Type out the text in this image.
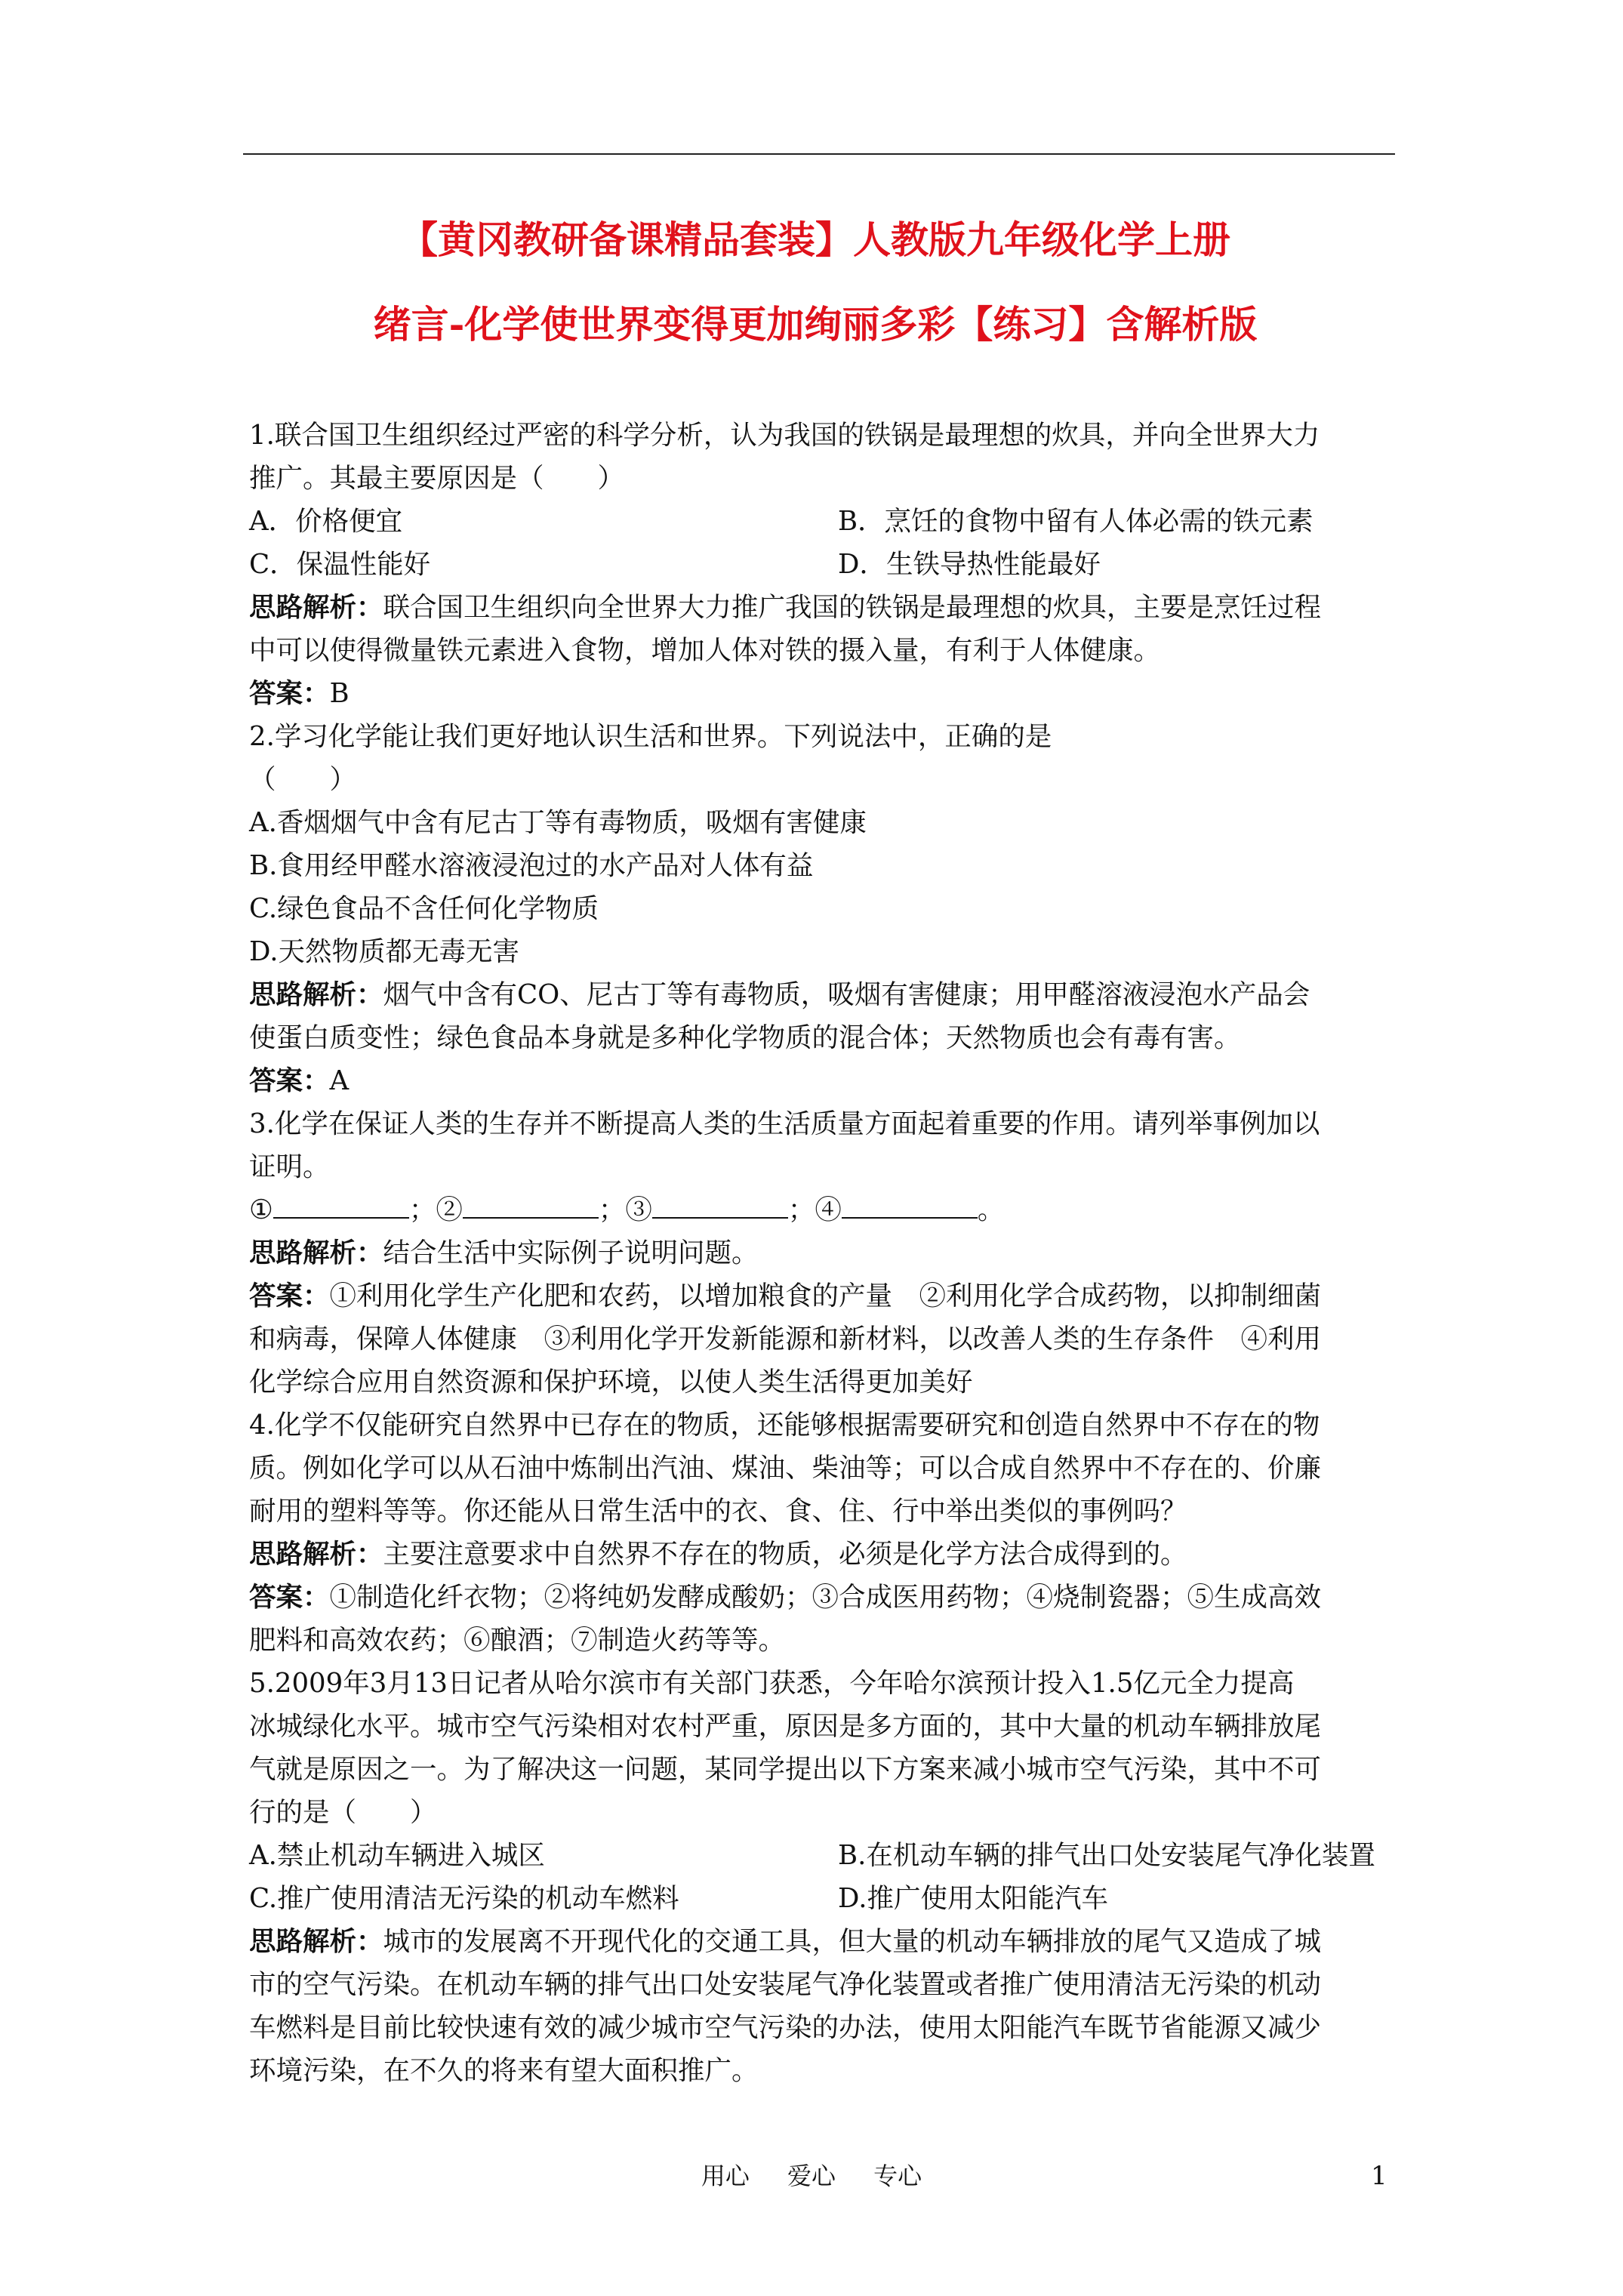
【黄冈教研备课精品套装】人教版九年级化学上册
绪言-化学使世界变得更加绚丽多彩【练习】含解析版
1.联合国卫生组织经过严密的科学分析，认为我国的铁锅是最理想的炊具，并向全世界大力
推广。其最主要原因是（　　）
A．价格便宜	B．烹饪的食物中留有人体必需的铁元素
C．保温性能好	D．生铁导热性能最好
思路解析：联合国卫生组织向全世界大力推广我国的铁锅是最理想的炊具，主要是烹饪过程
中可以使得微量铁元素进入食物，增加人体对铁的摄入量，有利于人体健康。
答案：B
2.学习化学能让我们更好地认识生活和世界。下列说法中，正确的是
（　　）
A.香烟烟气中含有尼古丁等有毒物质，吸烟有害健康
B.食用经甲醛水溶液浸泡过的水产品对人体有益
C.绿色食品不含任何化学物质
D.天然物质都无毒无害
思路解析：烟气中含有CO、尼古丁等有毒物质，吸烟有害健康；用甲醛溶液浸泡水产品会
使蛋白质变性；绿色食品本身就是多种化学物质的混合体；天然物质也会有毒有害。
答案：A
3.化学在保证人类的生存并不断提高人类的生活质量方面起着重要的作用。请列举事例加以
证明。
①	；②	；③	；④	。
思路解析：结合生活中实际例子说明问题。
答案：①利用化学生产化肥和农药，以增加粮食的产量　②利用化学合成药物，以抑制细菌
和病毒，保障人体健康　③利用化学开发新能源和新材料，以改善人类的生存条件　④利用
化学综合应用自然资源和保护环境，以使人类生活得更加美好
4.化学不仅能研究自然界中已存在的物质，还能够根据需要研究和创造自然界中不存在的物
质。例如化学可以从石油中炼制出汽油、煤油、柴油等；可以合成自然界中不存在的、价廉
耐用的塑料等等。你还能从日常生活中的衣、食、住、行中举出类似的事例吗？
思路解析：主要注意要求中自然界不存在的物质，必须是化学方法合成得到的。
答案：①制造化纤衣物；②将纯奶发酵成酸奶；③合成医用药物；④烧制瓷器；⑤生成高效
肥料和高效农药；⑥酿酒；⑦制造火药等等。
5.2009年3月13日记者从哈尔滨市有关部门获悉，今年哈尔滨预计投入1.5亿元全力提高
冰城绿化水平。城市空气污染相对农村严重，原因是多方面的，其中大量的机动车辆排放尾
气就是原因之一。为了解决这一问题，某同学提出以下方案来减小城市空气污染，其中不可
行的是（　　）
A.禁止机动车辆进入城区	B.在机动车辆的排气出口处安装尾气净化装置
C.推广使用清洁无污染的机动车燃料	D.推广使用太阳能汽车
思路解析：城市的发展离不开现代化的交通工具，但大量的机动车辆排放的尾气又造成了城
市的空气污染。在机动车辆的排气出口处安装尾气净化装置或者推广使用清洁无污染的机动
车燃料是目前比较快速有效的减少城市空气污染的办法，使用太阳能汽车既节省能源又减少
环境污染，在不久的将来有望大面积推广。
用心 爱心 专心	1
